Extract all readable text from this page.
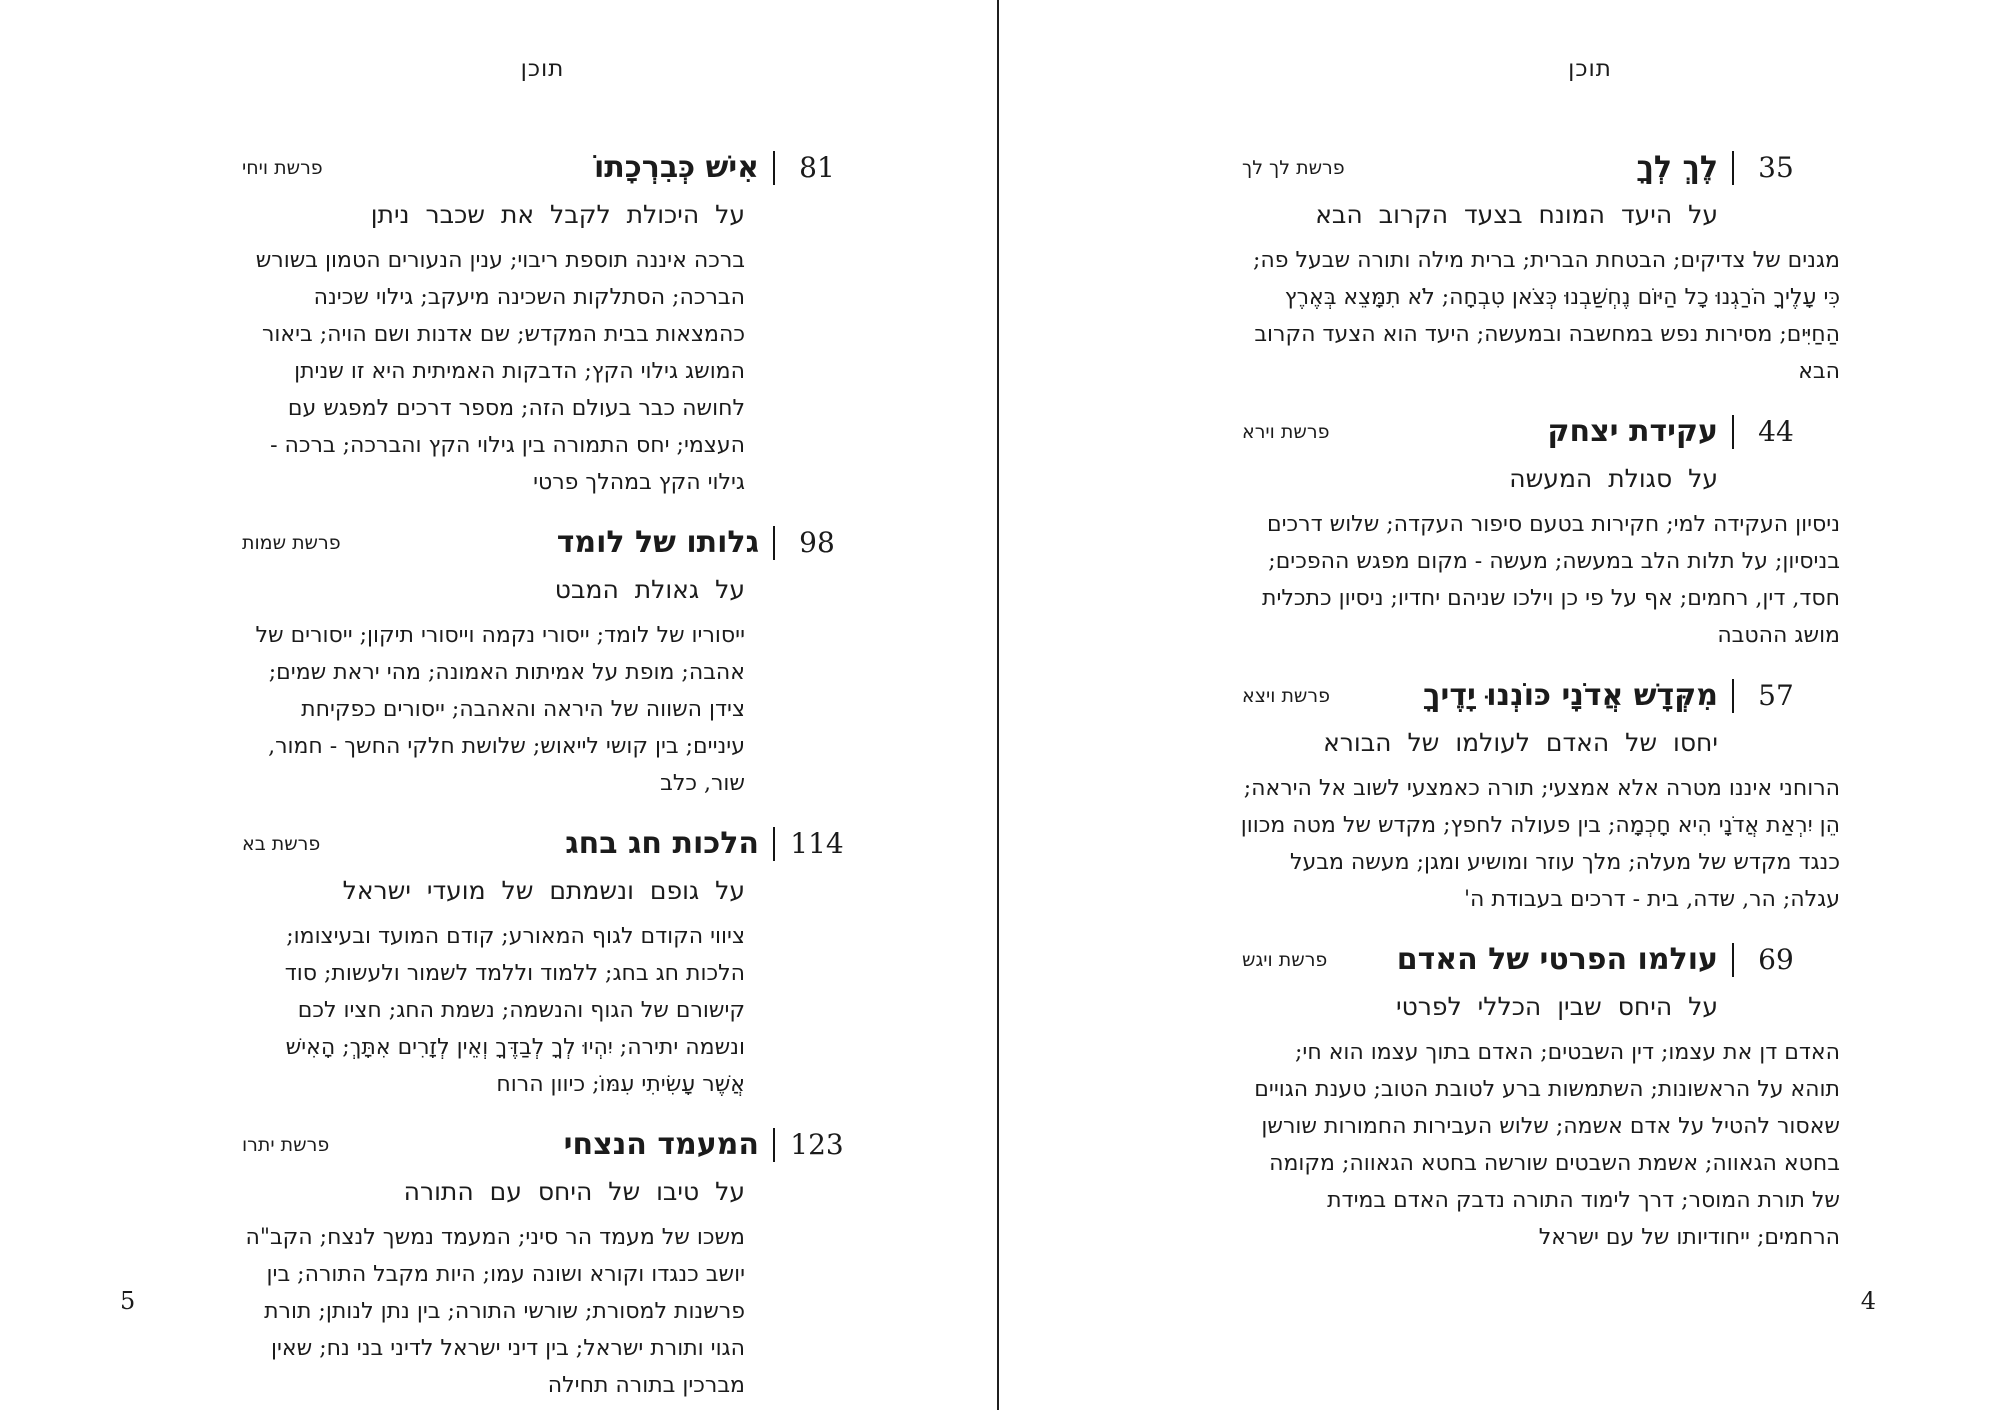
תוכן
35
לֶךְ לְךָ
פרשת לך לך
על היעד המונח בצעד הקרוב הבא
מגנים של צדיקים; הבטחת הברית; ברית מילה ותורה שבעל פה; כִּי עָלֶיךָ הֹרַגְנוּ כָל הַיּוֹם נֶחְשַׁבְנוּ כְּצֹאן טִבְחָה; לֹא תִמָּצֵא בְּאֶרֶץ הַחַיִּים; מסירות נפש במחשבה ובמעשה; היעד הוא הצעד הקרוב הבא
44
עקידת יצחק
פרשת וירא
על סגולת המעשה
ניסיון העקידה למי; חקירות בטעם סיפור העקדה; שלוש דרכים בניסיון; על תלות הלב במעשה; מעשה - מקום מפגש ההפכים; חסד, דין, רחמים; אף על פי כן וילכו שניהם יחדיו; ניסיון כתכלית מושג ההטבה
57
מִקְּדָשׁ אֲדֹנָי כּוֹנְנוּ יָדֶיךָ
פרשת ויצא
יחסו של האדם לעולמו של הבורא
הרוחני איננו מטרה אלא אמצעי; תורה כאמצעי לשוב אל היראה; הֵן יִרְאַת אֲדֹנָי הִיא חָכְמָה; בין פעולה לחפץ; מקדש של מטה מכוון כנגד מקדש של מעלה; מלך עוזר ומושיע ומגן; מעשה מבעל עגלה; הר, שדה, בית - דרכים בעבודת ה'
69
עולמו הפרטי של האדם
פרשת ויגש
על היחס שבין הכללי לפרטי
האדם דן את עצמו; דין השבטים; האדם בתוך עצמו הוא חי; תוהא על הראשונות; השתמשות ברע לטובת הטוב; טענת הגויים שאסור להטיל על אדם אשמה; שלוש העבירות החמורות שורשן בחטא הגאווה; אשמת השבטים שורשה בחטא הגאווה; מקומה של תורת המוסר; דרך לימוד התורה נדבק האדם במידת הרחמים; ייחודיותו של עם ישראל
4
תוכן
81
אִישׁ כְּבִרְכָתוֹ
פרשת ויחי
על היכולת לקבל את שכבר ניתן
ברכה איננה תוספת ריבוי; ענין הנעורים הטמון בשורש הברכה; הסתלקות השכינה מיעקב; גילוי שכינה כהמצאות בבית המקדש; שם אדנות ושם הויה; ביאור המושג גילוי הקץ; הדבקות האמיתית היא זו שניתן לחושה כבר בעולם הזה; מספר דרכים למפגש עם העצמי; יחס התמורה בין גילוי הקץ והברכה; ברכה - גילוי הקץ במהלך פרטי
98
גלותו של לומד
פרשת שמות
על גאולת המבט
ייסוריו של לומד; ייסורי נקמה וייסורי תיקון; ייסורים של אהבה; מופת על אמיתות האמונה; מהי יראת שמים; צידן השווה של היראה והאהבה; ייסורים כפקיחת עיניים; בין קושי לייאוש; שלושת חלקי החשך - חמור, שור, כלב
114
הלכות חג בחג
פרשת בא
על גופם ונשמתם של מועדי ישראל
ציווי הקודם לגוף המאורע; קודם המועד ובעיצומו; הלכות חג בחג; ללמוד וללמד לשמור ולעשות; סוד קישורם של הגוף והנשמה; נשמת החג; חציו לכם ונשמה יתירה; יִהְיוּ לְךָ לְבַדֶּךָ וְאֵין לְזָרִים אִתָּךְ; הָאִישׁ אֲשֶׁר עָשִׂיתִי עִמּוֹ; כיוון הרוח
123
המעמד הנצחי
פרשת יתרו
על טיבו של היחס עם התורה
משכו של מעמד הר סיני; המעמד נמשך לנצח; הקב"ה יושב כנגדו וקורא ושונה עמו; היות מקבל התורה; בין פרשנות למסורת; שורשי התורה; בין נתן לנותן; תורת הגוי ותורת ישראל; בין דיני ישראל לדיני בני נח; שאין מברכין בתורה תחילה
5
